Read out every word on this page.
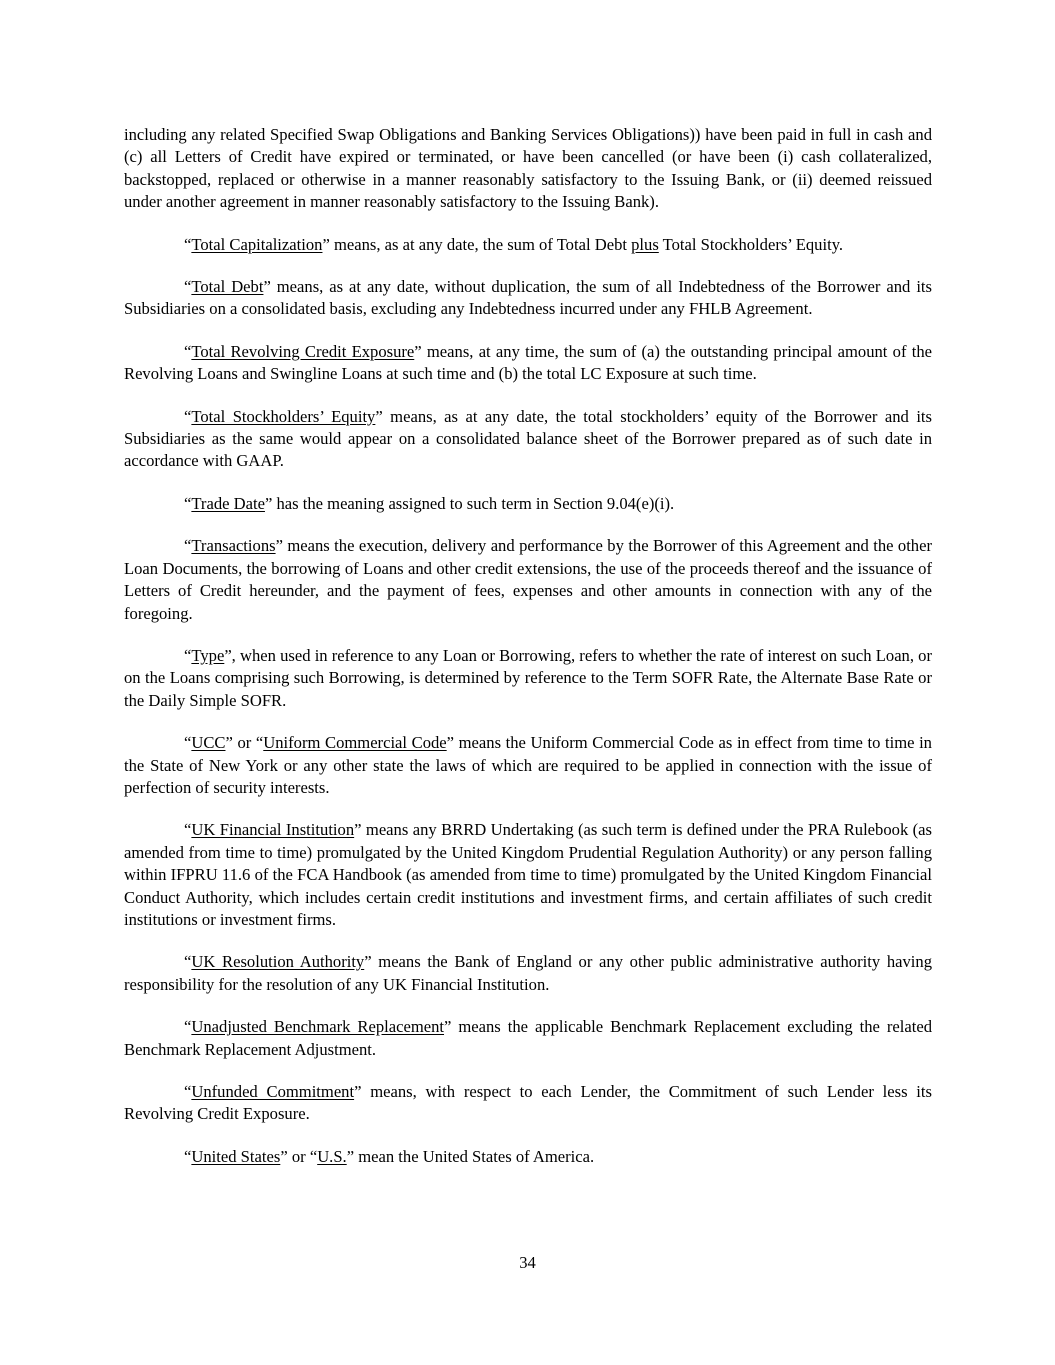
including any related Specified Swap Obligations and Banking Services Obligations)) have been paid in full in cash and (c) all Letters of Credit have expired or terminated, or have been cancelled (or have been (i) cash collateralized, backstopped, replaced or otherwise in a manner reasonably satisfactory to the Issuing Bank, or (ii) deemed reissued under another agreement in manner reasonably satisfactory to the Issuing Bank).

“Total Capitalization” means, as at any date, the sum of Total Debt plus Total Stockholders’ Equity.

“Total Debt” means, as at any date, without duplication, the sum of all Indebtedness of the Borrower and its Subsidiaries on a consolidated basis, excluding any Indebtedness incurred under any FHLB Agreement.

“Total Revolving Credit Exposure” means, at any time, the sum of (a) the outstanding principal amount of the Revolving Loans and Swingline Loans at such time and (b) the total LC Exposure at such time.

“Total Stockholders’ Equity” means, as at any date, the total stockholders’ equity of the Borrower and its Subsidiaries as the same would appear on a consolidated balance sheet of the Borrower prepared as of such date in accordance with GAAP.

“Trade Date” has the meaning assigned to such term in Section 9.04(e)(i).

“Transactions” means the execution, delivery and performance by the Borrower of this Agreement and the other Loan Documents, the borrowing of Loans and other credit extensions, the use of the proceeds thereof and the issuance of Letters of Credit hereunder, and the payment of fees, expenses and other amounts in connection with any of the foregoing.

“Type”, when used in reference to any Loan or Borrowing, refers to whether the rate of interest on such Loan, or on the Loans comprising such Borrowing, is determined by reference to the Term SOFR Rate, the Alternate Base Rate or the Daily Simple SOFR.

“UCC” or “Uniform Commercial Code” means the Uniform Commercial Code as in effect from time to time in the State of New York or any other state the laws of which are required to be applied in connection with the issue of perfection of security interests.

“UK Financial Institution” means any BRRD Undertaking (as such term is defined under the PRA Rulebook (as amended from time to time) promulgated by the United Kingdom Prudential Regulation Authority) or any person falling within IFPRU 11.6 of the FCA Handbook (as amended from time to time) promulgated by the United Kingdom Financial Conduct Authority, which includes certain credit institutions and investment firms, and certain affiliates of such credit institutions or investment firms.

“UK Resolution Authority” means the Bank of England or any other public administrative authority having responsibility for the resolution of any UK Financial Institution.

“Unadjusted Benchmark Replacement” means the applicable Benchmark Replacement excluding the related Benchmark Replacement Adjustment.

“Unfunded Commitment” means, with respect to each Lender, the Commitment of such Lender less its Revolving Credit Exposure.

“United States” or “U.S.” mean the United States of America.

34
